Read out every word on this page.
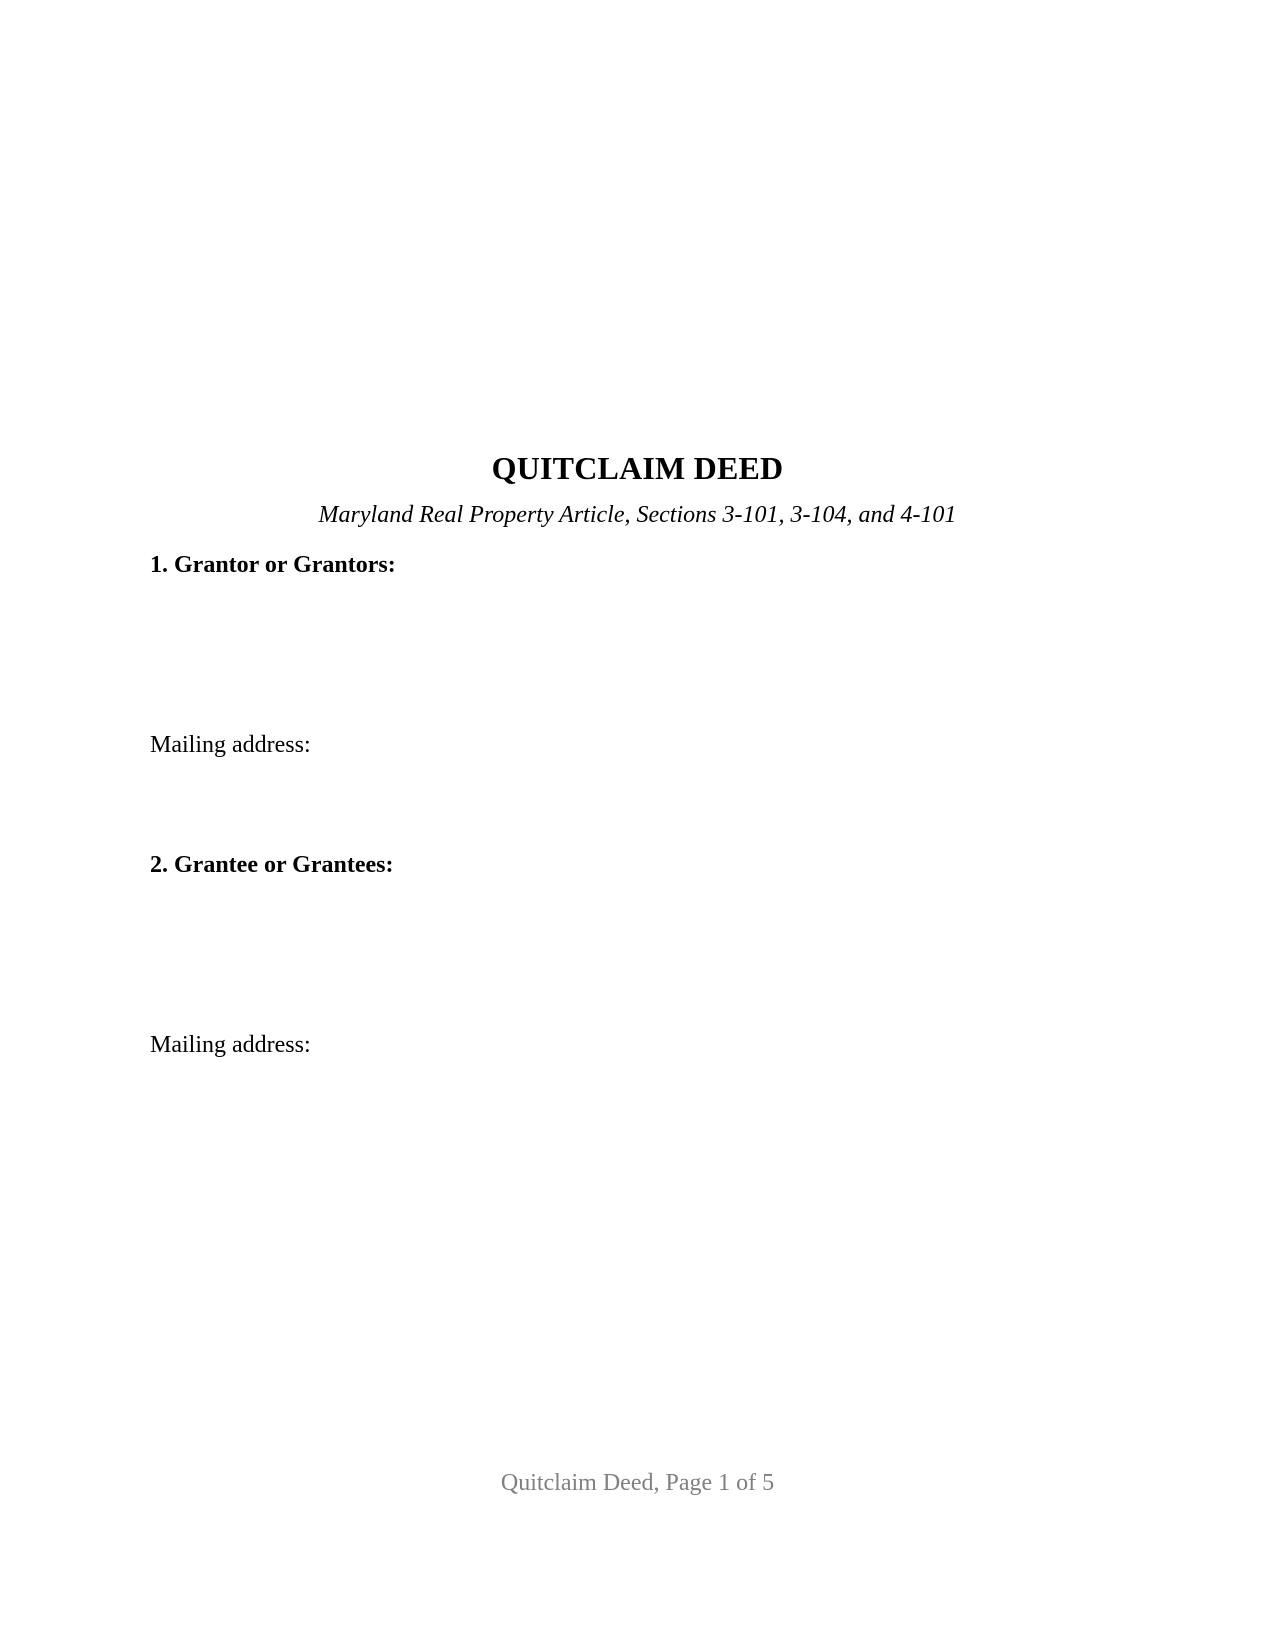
QUITCLAIM DEED
Maryland Real Property Article, Sections 3-101, 3-104, and 4-101
1. Grantor or Grantors:
Mailing address:
2. Grantee or Grantees:
Mailing address:
Quitclaim Deed, Page 1 of 5
